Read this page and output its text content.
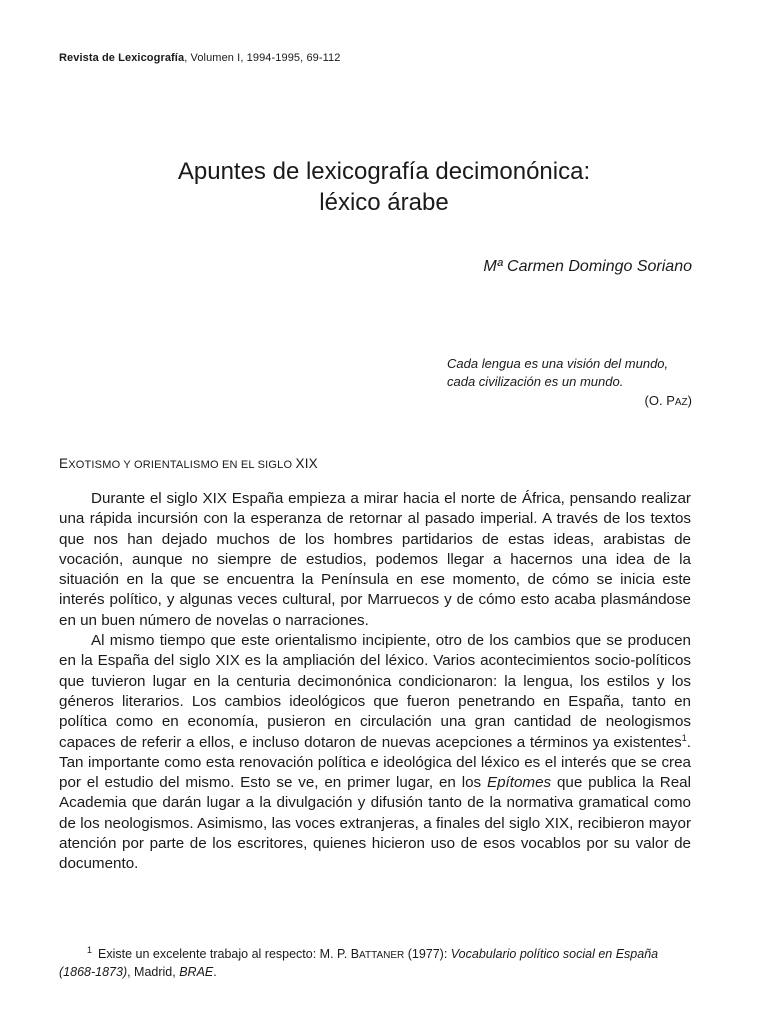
Revista de Lexicografía, Volumen I, 1994-1995, 69-112
Apuntes de lexicografía decimonónica:
léxico árabe
Mª Carmen Domingo Soriano
Cada lengua es una visión del mundo,
cada civilización es un mundo.
(O. PAZ)
EXOTISMO Y ORIENTALISMO EN EL SIGLO XIX

Durante el siglo XIX España empieza a mirar hacia el norte de África, pensando realizar una rápida incursión con la esperanza de retornar al pasado imperial. A través de los textos que nos han dejado muchos de los hombres partidarios de estas ideas, arabistas de vocación, aunque no siempre de estudios, podemos llegar a hacernos una idea de la situación en la que se encuentra la Península en ese momento, de cómo se inicia este interés político, y algunas veces cultural, por Marruecos y de cómo esto acaba plasmándose en un buen número de novelas o narraciones.

Al mismo tiempo que este orientalismo incipiente, otro de los cambios que se producen en la España del siglo XIX es la ampliación del léxico. Varios acontecimientos socio-políticos que tuvieron lugar en la centuria decimonónica condicionaron: la lengua, los estilos y los géneros literarios. Los cambios ideológicos que fueron penetrando en España, tanto en política como en economía, pusieron en circulación una gran cantidad de neologismos capaces de referir a ellos, e incluso dotaron de nuevas acepciones a términos ya existentes$^1$. Tan importante como esta renovación política e ideológica del léxico es el interés que se crea por el estudio del mismo. Esto se ve, en primer lugar, en los Epítomes que publica la Real Academia que darán lugar a la divulgación y difusión tanto de la normativa gramatical como de los neologismos. Asimismo, las voces extranjeras, a finales del siglo XIX, recibieron mayor atención por parte de los escritores, quienes hicieron uso de esos vocablos por su valor de documento.

$^1$ Existe un excelente trabajo al respecto: M. P. BATTANER (1977): Vocabulario político social en España (1868-1873), Madrid, BRAE.
